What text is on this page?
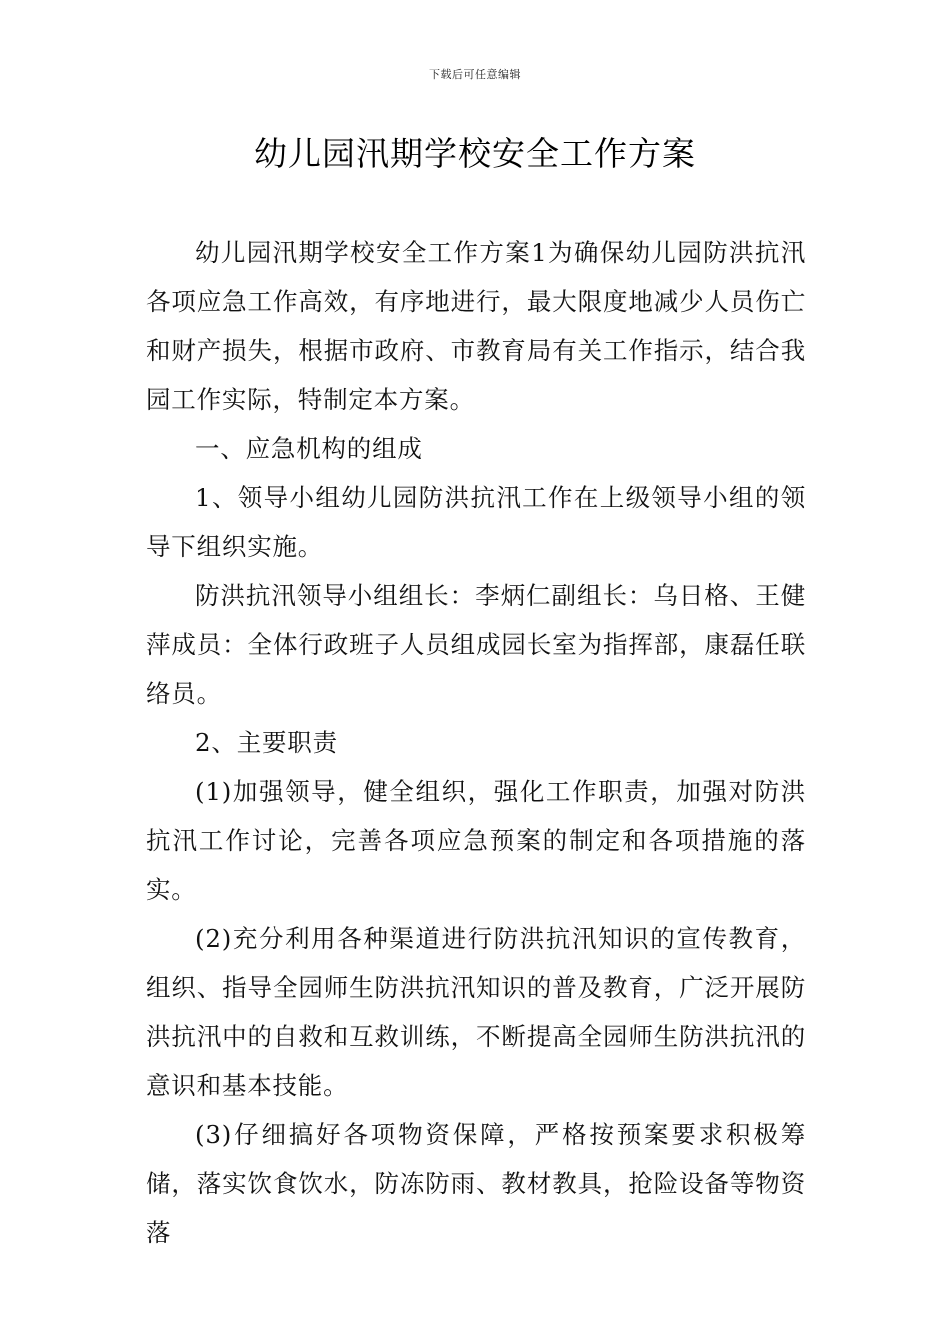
下载后可任意编辑
幼儿园汛期学校安全工作方案

幼儿园汛期学校安全工作方案1为确保幼儿园防洪抗汛各项应急工作高效，有序地进行，最大限度地减少人员伤亡和财产损失，根据市政府、市教育局有关工作指示，结合我园工作实际，特制定本方案。

一、应急机构的组成

1、领导小组幼儿园防洪抗汛工作在上级领导小组的领导下组织实施。

防洪抗汛领导小组组长：李炳仁副组长：乌日格、王健萍成员：全体行政班子人员组成园长室为指挥部，康磊任联络员。

2、主要职责

(1)加强领导，健全组织，强化工作职责，加强对防洪抗汛工作讨论，完善各项应急预案的制定和各项措施的落实。

(2)充分利用各种渠道进行防洪抗汛知识的宣传教育，组织、指导全园师生防洪抗汛知识的普及教育，广泛开展防洪抗汛中的自救和互救训练，不断提高全园师生防洪抗汛的意识和基本技能。

(3)仔细搞好各项物资保障，严格按预案要求积极筹储，落实饮食饮水，防冻防雨、教材教具，抢险设备等物资落
